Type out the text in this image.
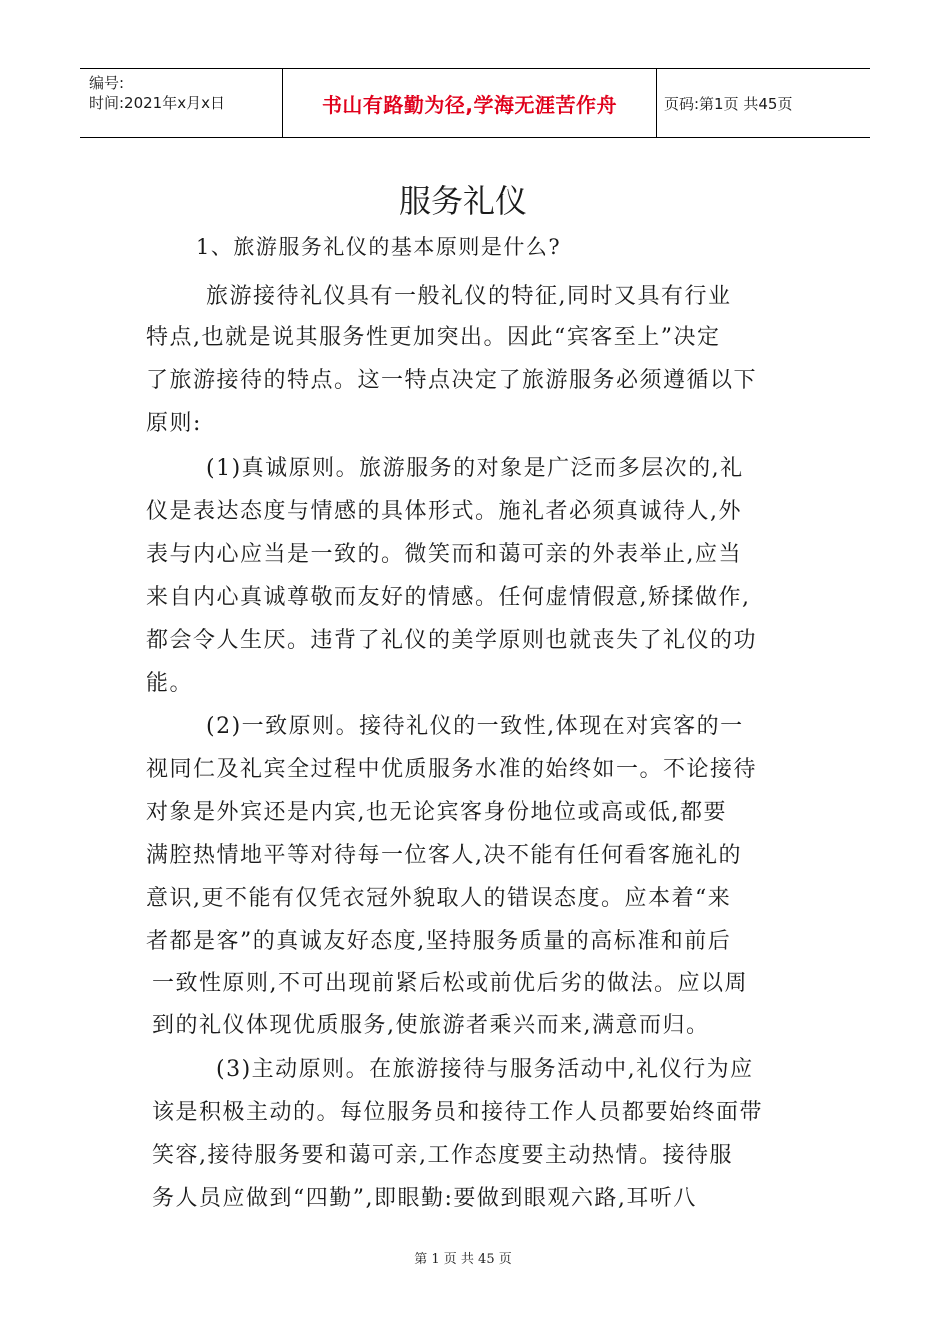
编号:
时间:2021年x月x日	书山有路勤为径,学海无涯苦作舟	页码:第1页 共45页
服务礼仪
1、旅游服务礼仪的基本原则是什么?
旅游接待礼仪具有一般礼仪的特征,同时又具有行业
特点,也就是说其服务性更加突出。因此“宾客至上”决定
了旅游接待的特点。这一特点决定了旅游服务必须遵循以下
原则:
(1)真诚原则。旅游服务的对象是广泛而多层次的,礼
仪是表达态度与情感的具体形式。施礼者必须真诚待人,外
表与内心应当是一致的。微笑而和蔼可亲的外表举止,应当
来自内心真诚尊敬而友好的情感。任何虚情假意,矫揉做作,
都会令人生厌。违背了礼仪的美学原则也就丧失了礼仪的功
能。
(2)一致原则。接待礼仪的一致性,体现在对宾客的一
视同仁及礼宾全过程中优质服务水准的始终如一。不论接待
对象是外宾还是内宾,也无论宾客身份地位或高或低,都要
满腔热情地平等对待每一位客人,决不能有任何看客施礼的
意识,更不能有仅凭衣冠外貌取人的错误态度。应本着“来
者都是客”的真诚友好态度,坚持服务质量的高标准和前后
一致性原则,不可出现前紧后松或前优后劣的做法。应以周
到的礼仪体现优质服务,使旅游者乘兴而来,满意而归。
(3)主动原则。在旅游接待与服务活动中,礼仪行为应
该是积极主动的。每位服务员和接待工作人员都要始终面带
笑容,接待服务要和蔼可亲,工作态度要主动热情。接待服
务人员应做到“四勤”,即眼勤:要做到眼观六路,耳听八
第 1 页 共 45 页
